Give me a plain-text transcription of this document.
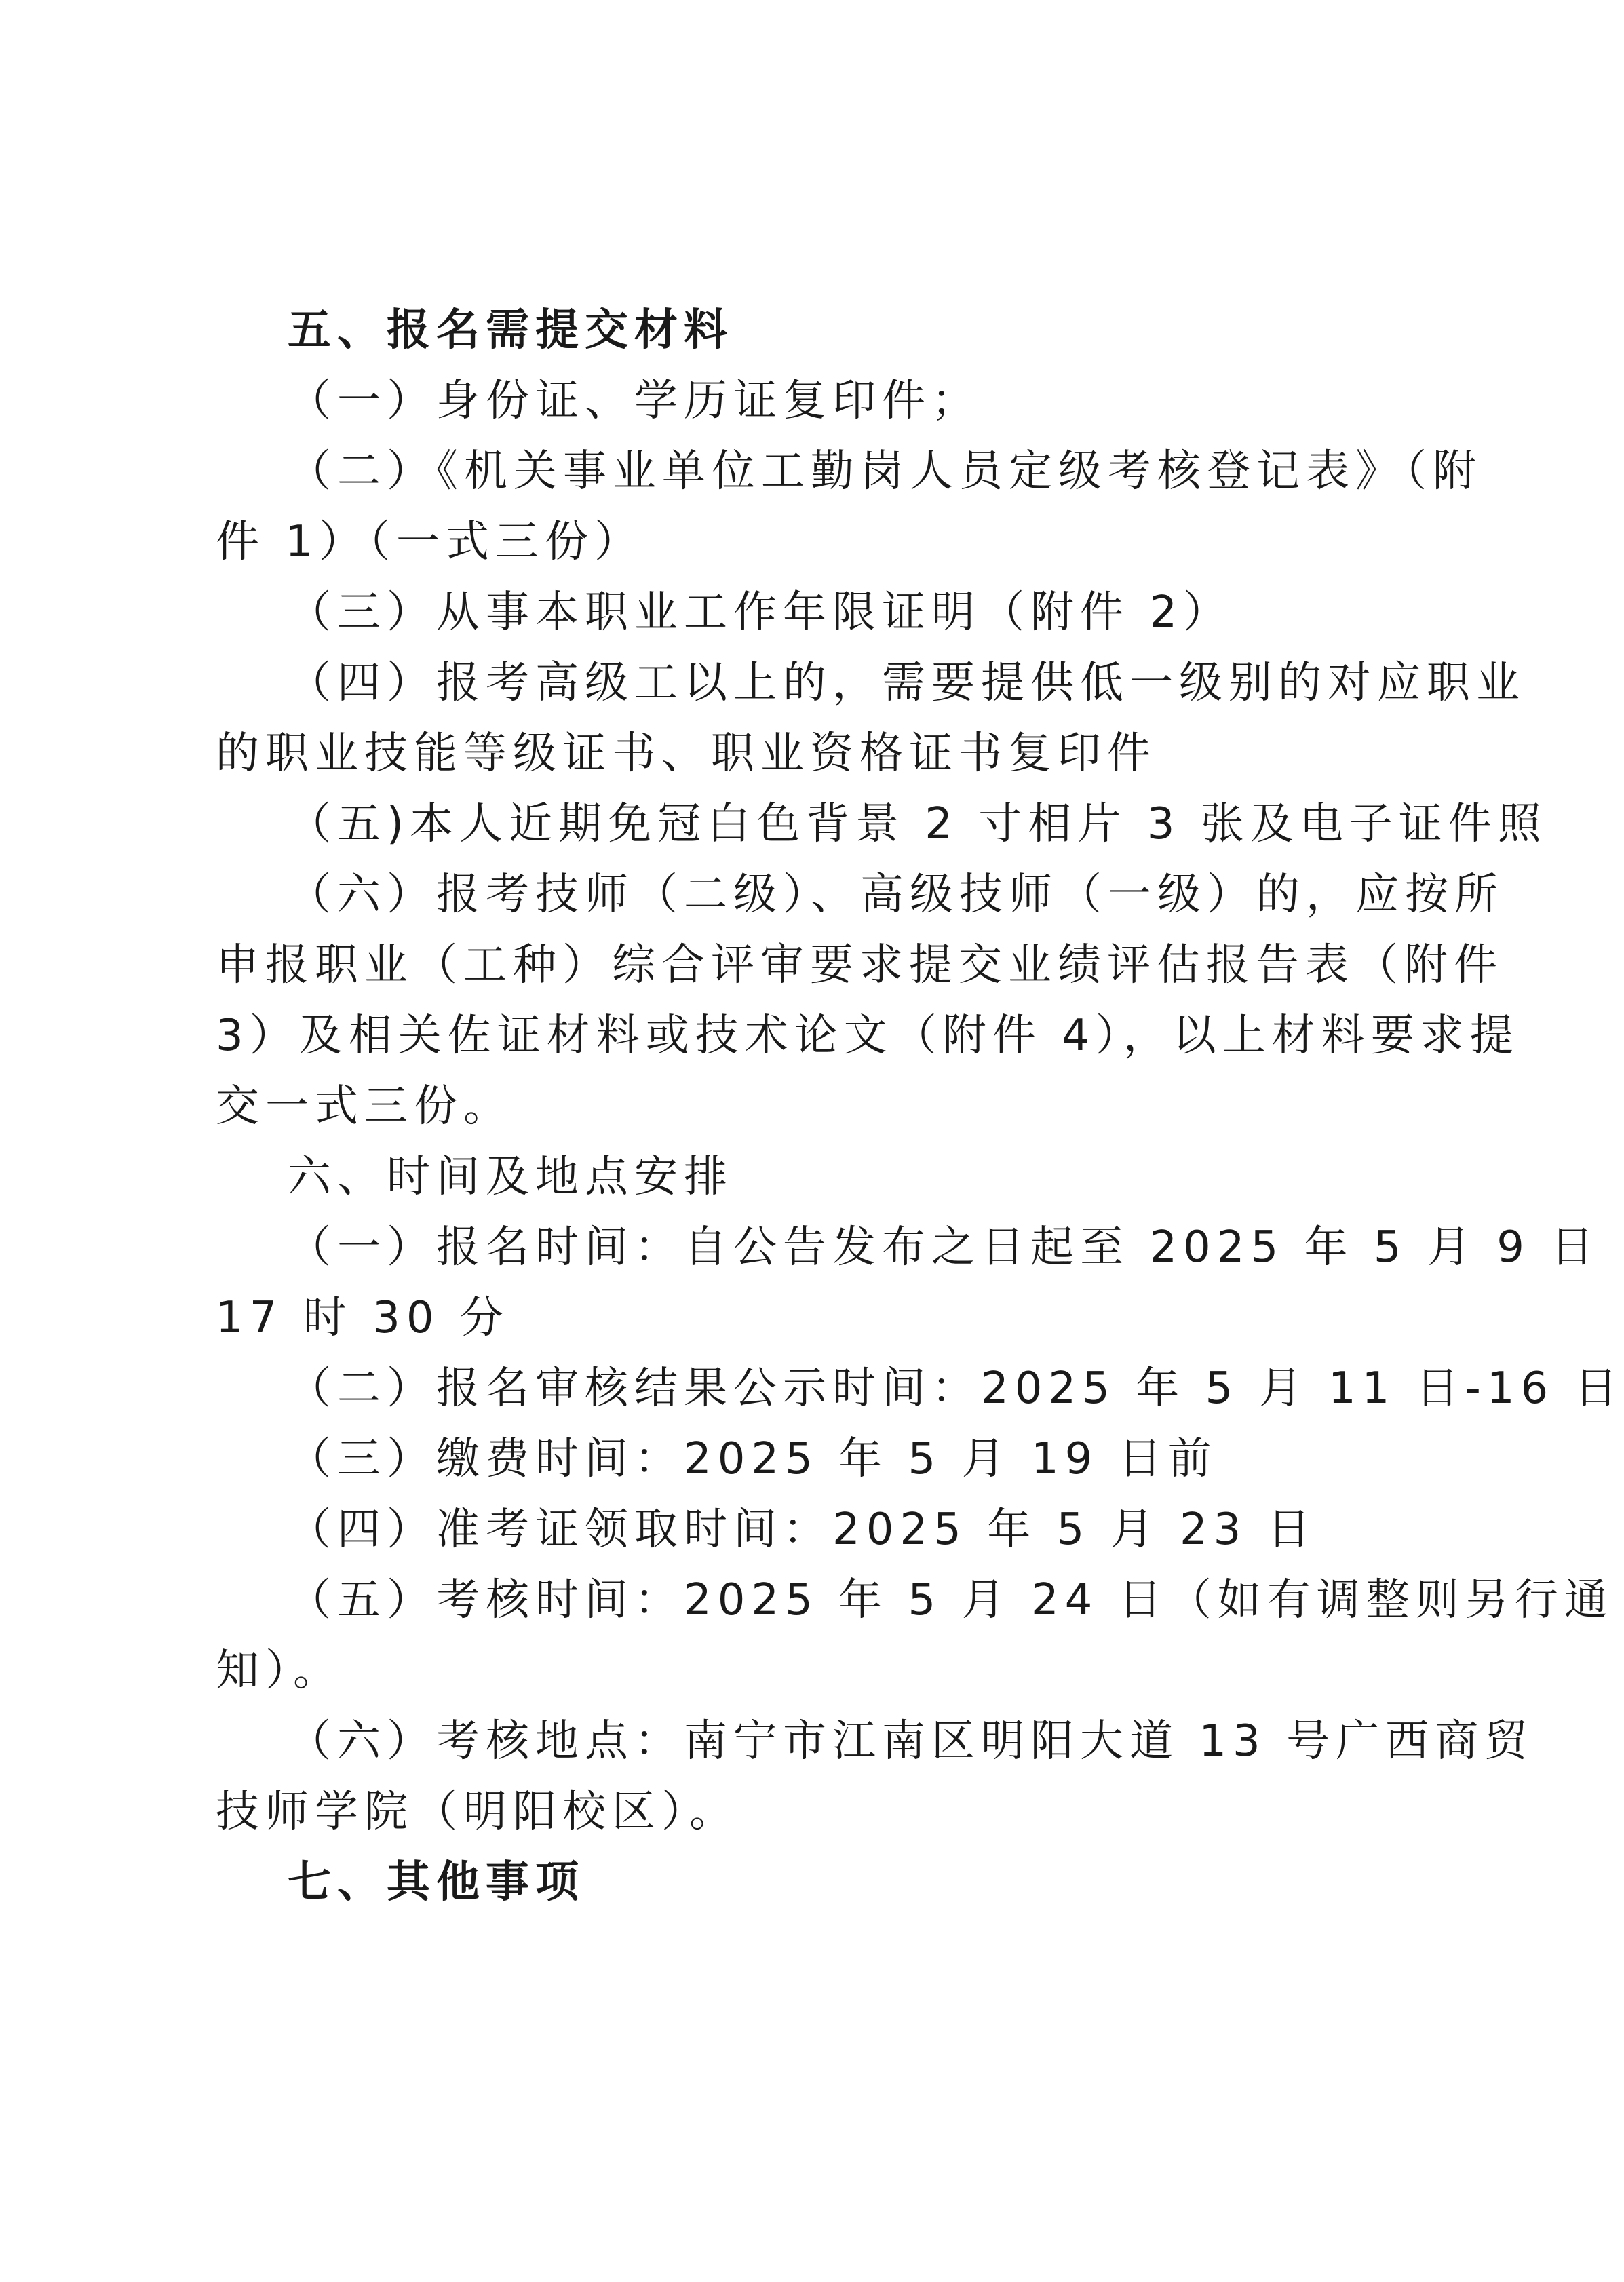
五、报名需提交材料
（一）身份证、学历证复印件；
（二）《机关事业单位工勤岗人员定级考核登记表》（附
件 1）（一式三份）
（三）从事本职业工作年限证明（附件 2）
（四）报考高级工以上的，需要提供低一级别的对应职业
的职业技能等级证书、职业资格证书复印件
（五)本人近期免冠白色背景 2 寸相片 3 张及电子证件照
（六）报考技师（二级）、高级技师（一级）的，应按所
申报职业（工种）综合评审要求提交业绩评估报告表（附件
3）及相关佐证材料或技术论文（附件 4），以上材料要求提
交一式三份。
六、时间及地点安排
（一）报名时间：自公告发布之日起至 2025 年 5 月 9 日
17 时 30 分
（二）报名审核结果公示时间：2025 年 5 月 11 日-16 日
（三）缴费时间：2025 年 5 月 19 日前
（四）准考证领取时间：2025 年 5 月 23 日
（五）考核时间：2025 年 5 月 24 日（如有调整则另行通
知）。
（六）考核地点：南宁市江南区明阳大道 13 号广西商贸
技师学院（明阳校区）。
七、其他事项
